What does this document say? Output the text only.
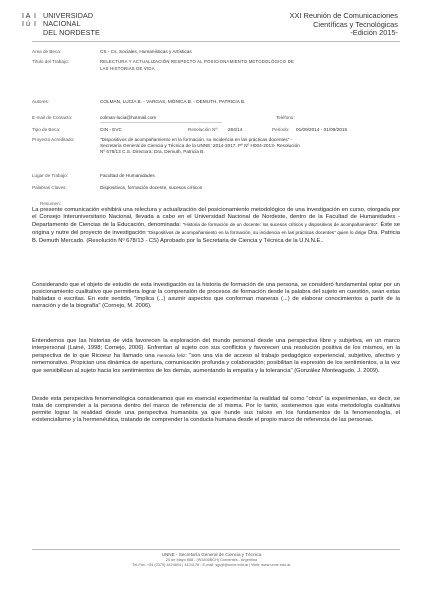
I A I UNIVERSIDAD
I ú I NACIONAL
DEL NORDESTE
XXI Reunión de Comunicaciones
Científicas y Tecnológicas
-Edición 2015-
Area de Beca:	CS - Cs. Sociales, Humanísticas y Artísticas
Título del Trabajo:	RELECTURA Y ACTUALIZACIÓN RESPECTO AL POSICIONAMIENTO METODOLÓGICO DE
LAS HISTORIAS DE VIDA
Autores:	COLMAN, LUCÍA B. - VARGAS, MÓNICA B. - DEMUTH, PATRICIA B.
E-mail de Contacto:	colman-lucia@hotmail.com	Teléfono:
Tipo de Beca:	CIN - EVC	Resolución Nº: 264/14	Período: 01/09/2014 - 01/09/2015
Proyecto Acreditado:	"Dispositivos de acompañamiento en la formación, su incidencia en las prácticas docentes" -
Secretaría General de Ciencia y Técnica de la UNNE: 2014-2017. Pº Nº H004-2013- Resolución
Nº 678/13 C.S. Directora: Dra. Demuth, Patricia B.
Lugar de Trabajo:	Facultad de Humanidades
Palabras Claves:	Dispositivos, formación docente, sucesos críticos
Resumen:
La presente comunicación exhibirá una relectura y actualización del posicionamiento metodológico de una investigación en curso, otorgada por el Consejo Interuniversitario Nacional, llevada a cabo en el Universidad Nacional de Nordeste, dentro de la Facultad de Humanidades - Departamento de Ciencias de la Educación, denominada: "Historia de formación de un docente: los sucesos críticos y dispositivos de acompañamiento". Éste se origina y nutre del proyecto de investigación "Dispositivos de acompañamiento en la formación, su incidencia en las prácticas docentes" quien lo dirige Dra. Patricia B. Demuth Mercado. (Resolución Nº 678/13 - CS) Aprobado por la Secretaria de Ciencia y Técnica de la U.N.N.E..
Considerando que el objeto de estudio de esta investigación es la historia de formación de una persona, se consideró fundamental optar por un posicionamiento cualitativo que permitiera lograr la comprensión de procesos de formación desde la palabra del sujeto en cuestión, sean estas habladas o escritas. En este sentido, "implica (...) asumir aspectos que conforman maneras (...) de elaborar conocimientos a partir de la narración y de la biografía" (Cornejo, M. 2006).
Entendemos que las historias de vida favorecen la exploración del mundo personal desde una perspectiva libre y subjetiva, en un marco interpersonal (Lainé, 1998; Cornejo, 2006). Enfrentan al sujeto con sus conflictos y favorecen una resolución positiva de los mismos, en la perspectiva de lo que Ricoeur ha llamado una memoria feliz: "son una vía de acceso al trabajo pedagógico experiencial, subjetivo, afectivo y rememorativo. Propician una dinámica de apertura, comunicación profunda y colaboración; posibilitan la expresión de los sentimientos, a la vez que sensibilizan al sujeto hacia los sentimientos de los demás, aumentando la empatía y la tolerancia" (González Monteagudo, J. 2009).
Desde esta perspectiva fenomenológica consideramos que es esencial experimentar la realidad tal como "otros" la experimentan, es decir, se trata de comprender a la persona dentro del marco de referencia de sí misma. Por lo tanto, sostenemos que esta metodología cualitativa permite lograr la realidad desde una perspectiva humanista ya que hunde sus raíces en los fundamentos de la fenomenología, el existencialismo y la hermenéutica, tratando de comprender la conducta humana desde el propio marco de referencia de las personas.
UNNE - Secretaría General de Ciencia y Técnica
25 de Mayo 868 - (W3400BCH) Corrientes - Argentina
Tel-Fax: +54 (0379) 4424604 | 4424178 - E-mail: sgcyt@unne.edu.ar | Web: www.unne.edu.ar
